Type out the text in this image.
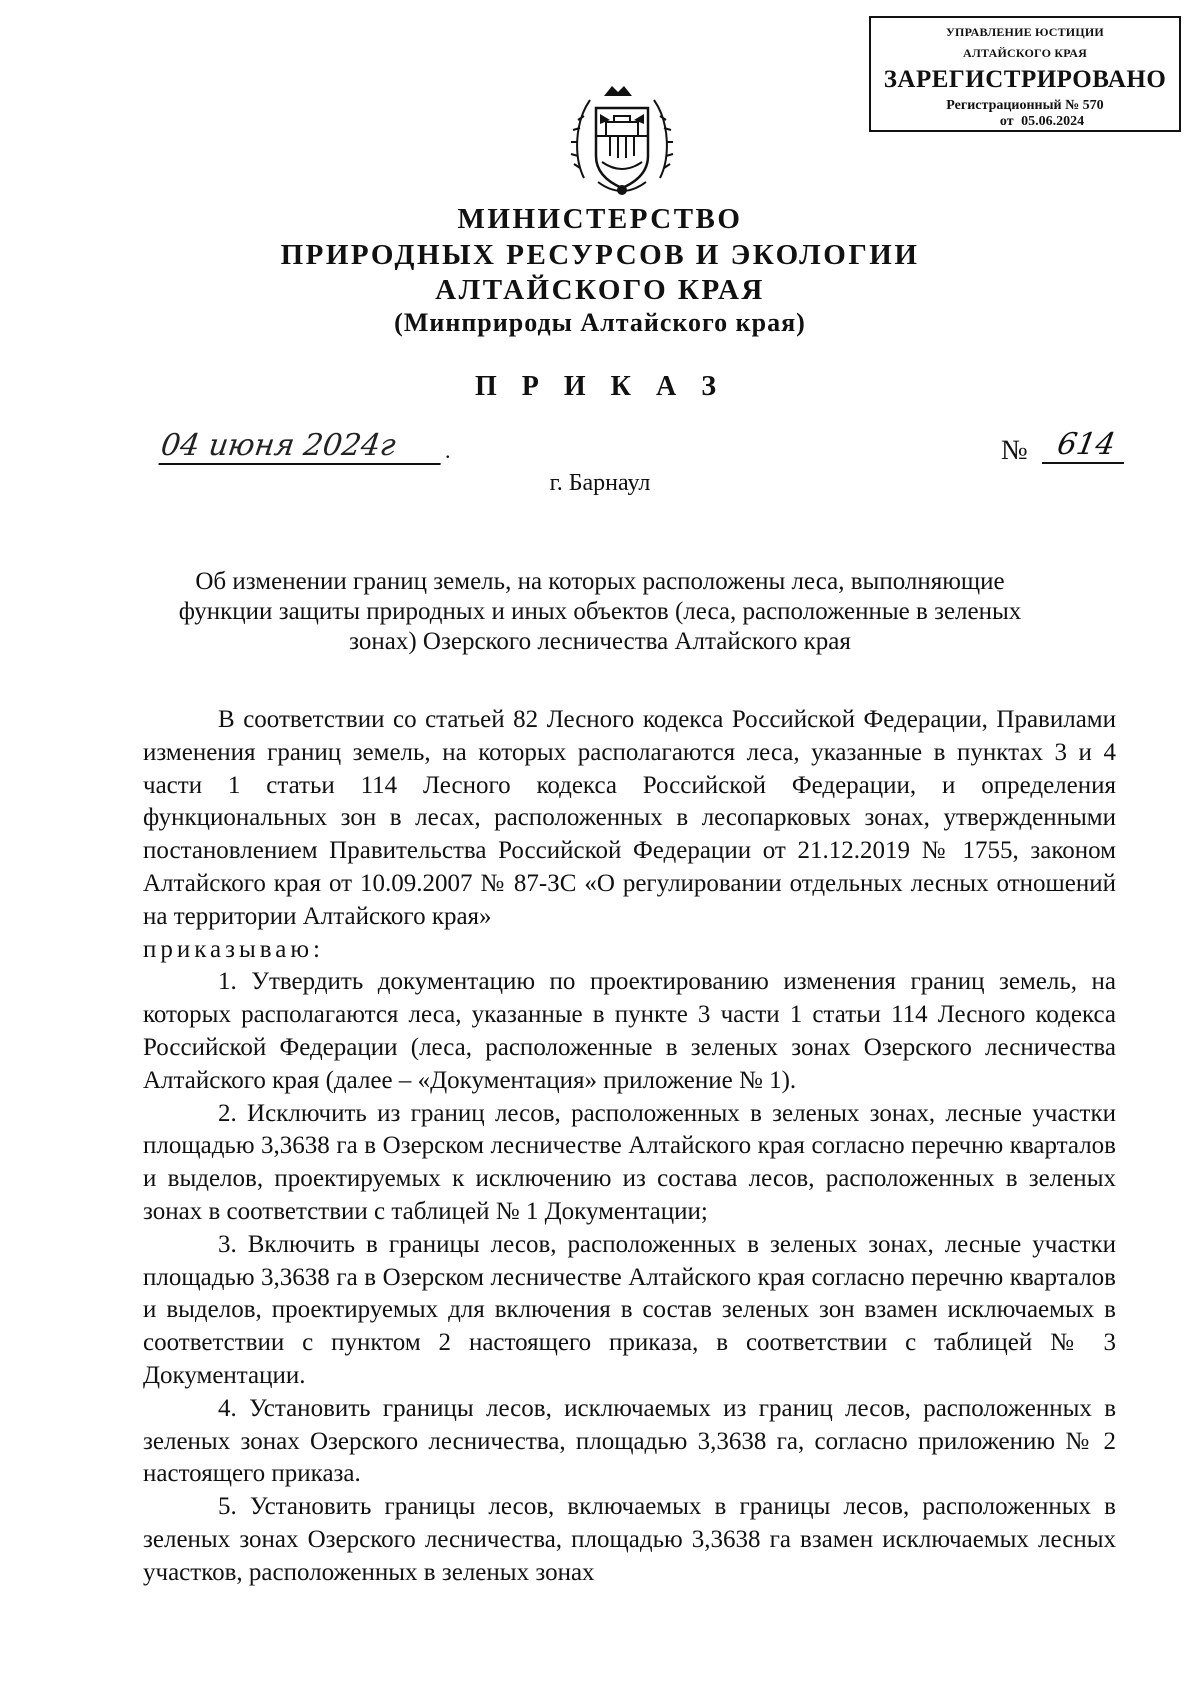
УПРАВЛЕНИЕ ЮСТИЦИИ
АЛТАЙСКОГО КРАЯ
ЗАРЕГИСТРИРОВАНО
Регистрационный № 570
от 05.06.2024
МИНИСТЕРСТВО
ПРИРОДНЫХ РЕСУРСОВ И ЭКОЛОГИИ
АЛТАЙСКОГО КРАЯ
(Минприроды Алтайского края)
П Р И К А З
04 июня 2024г	.	№ 614
г. Барнаул
Об изменении границ земель, на которых расположены леса, выполняющие функции защиты природных и иных объектов (леса, расположенные в зеленых зонах) Озерского лесничества Алтайского края

В соответствии со статьей 82 Лесного кодекса Российской Федерации, Правилами изменения границ земель, на которых располагаются леса, указанные в пунктах 3 и 4 части 1 статьи 114 Лесного кодекса Российской Федерации, и определения функциональных зон в лесах, расположенных в лесопарковых зонах, утвержденными постановлением Правительства Российской Федерации от 21.12.2019 № 1755, законом Алтайского края от 10.09.2007 № 87-ЗС «О регулировании отдельных лесных отношений на территории Алтайского края»

приказываю:

1. Утвердить документацию по проектированию изменения границ земель, на которых располагаются леса, указанные в пункте 3 части 1 статьи 114 Лесного кодекса Российской Федерации (леса, расположенные в зеленых зонах Озерского лесничества Алтайского края (далее – «Документация» приложение № 1).

2. Исключить из границ лесов, расположенных в зеленых зонах, лесные участки площадью 3,3638 га в Озерском лесничестве Алтайского края согласно перечню кварталов и выделов, проектируемых к исключению из состава лесов, расположенных в зеленых зонах в соответствии с таблицей № 1 Документации;

3. Включить в границы лесов, расположенных в зеленых зонах, лесные участки площадью 3,3638 га в Озерском лесничестве Алтайского края согласно перечню кварталов и выделов, проектируемых для включения в состав зеленых зон взамен исключаемых в соответствии с пунктом 2 настоящего приказа, в соответствии с таблицей № 3 Документации.

4. Установить границы лесов, исключаемых из границ лесов, расположенных в зеленых зонах Озерского лесничества, площадью 3,3638 га, согласно приложению № 2 настоящего приказа.

5. Установить границы лесов, включаемых в границы лесов, расположенных в зеленых зонах Озерского лесничества, площадью 3,3638 га взамен исключаемых лесных участков, расположенных в зеленых зонах
